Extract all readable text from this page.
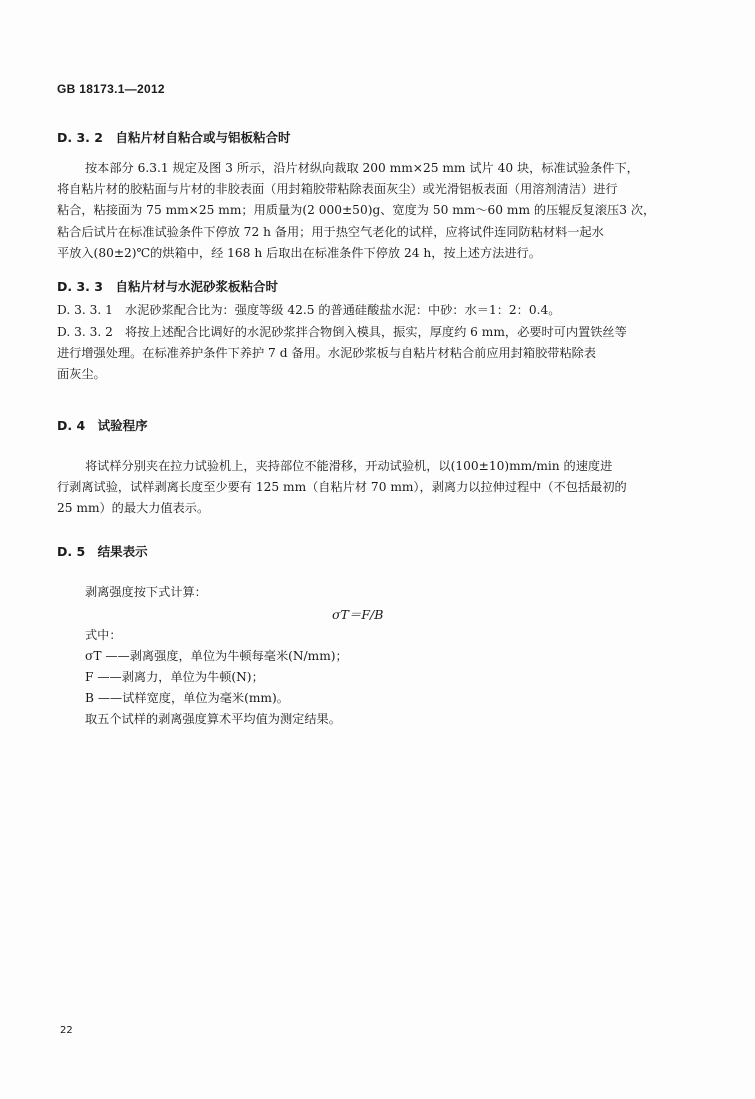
GB 18173.1—2012
D. 3. 2　自粘片材自粘合或与铝板粘合时
按本部分 6.3.1 规定及图 3 所示，沿片材纵向裁取 200 mm×25 mm 试片 40 块，标准试验条件下，
将自粘片材的胶粘面与片材的非胶表面（用封箱胶带粘除表面灰尘）或光滑铝板表面（用溶剂清洁）进行
粘合，粘接面为 75 mm×25 mm；用质量为(2 000±50)g、宽度为 50 mm～60 mm 的压辊反复滚压3 次，
粘合后试片在标准试验条件下停放 72 h 备用；用于热空气老化的试样，应将试件连同防粘材料一起水
平放入(80±2)℃的烘箱中，经 168 h 后取出在标准条件下停放 24 h，按上述方法进行。
D. 3. 3　自粘片材与水泥砂浆板粘合时
D. 3. 3. 1　水泥砂浆配合比为：强度等级 42.5 的普通硅酸盐水泥：中砂：水＝1：2：0.4。
D. 3. 3. 2　将按上述配合比调好的水泥砂浆拌合物倒入模具，振实，厚度约 6 mm，必要时可内置铁丝等
进行增强处理。在标准养护条件下养护 7 d 备用。水泥砂浆板与自粘片材粘合前应用封箱胶带粘除表
面灰尘。
D. 4　试验程序
将试样分别夹在拉力试验机上，夹持部位不能滑移，开动试验机，以(100±10)mm/min 的速度进
行剥离试验，试样剥离长度至少要有 125 mm（自粘片材 70 mm），剥离力以拉伸过程中（不包括最初的
25 mm）的最大力值表示。
D. 5　结果表示
剥离强度按下式计算：
σT＝F/B
式中：
σT ——剥离强度，单位为牛顿每毫米(N/mm)；
F ——剥离力，单位为牛顿(N)；
B ——试样宽度，单位为毫米(mm)。
取五个试样的剥离强度算术平均值为测定结果。
22
